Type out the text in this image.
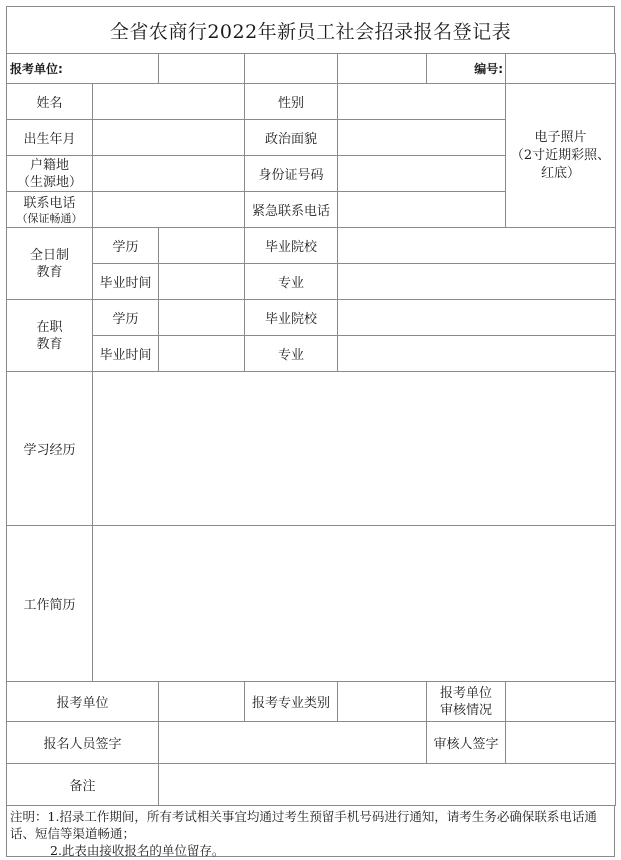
全省农商行2022年新员工社会招录报名登记表
报考单位:					编号:	
姓名			性别			电子照片
（2寸近期彩照、
红底）

出生年月			政治面貌			

户籍地
（生源地）			身份证号码			

联系电话
（保证畅通）			紧急联系电话			

全日制
教育	学历		毕业院校			
	毕业时间		专业			

在职
教育	学历		毕业院校			
	毕业时间		专业			
学习经历						
工作简历						
报考单位			报考专业类别		报考单位
审核情况	

报名人员签字					审核人签字	
备注						
注明：1.招录工作期间，所有考试相关事宜均通过考生预留手机号码进行通知，请考生务必确保联系电话通话、短信等渠道畅通；
2.此表由接收报名的单位留存。
